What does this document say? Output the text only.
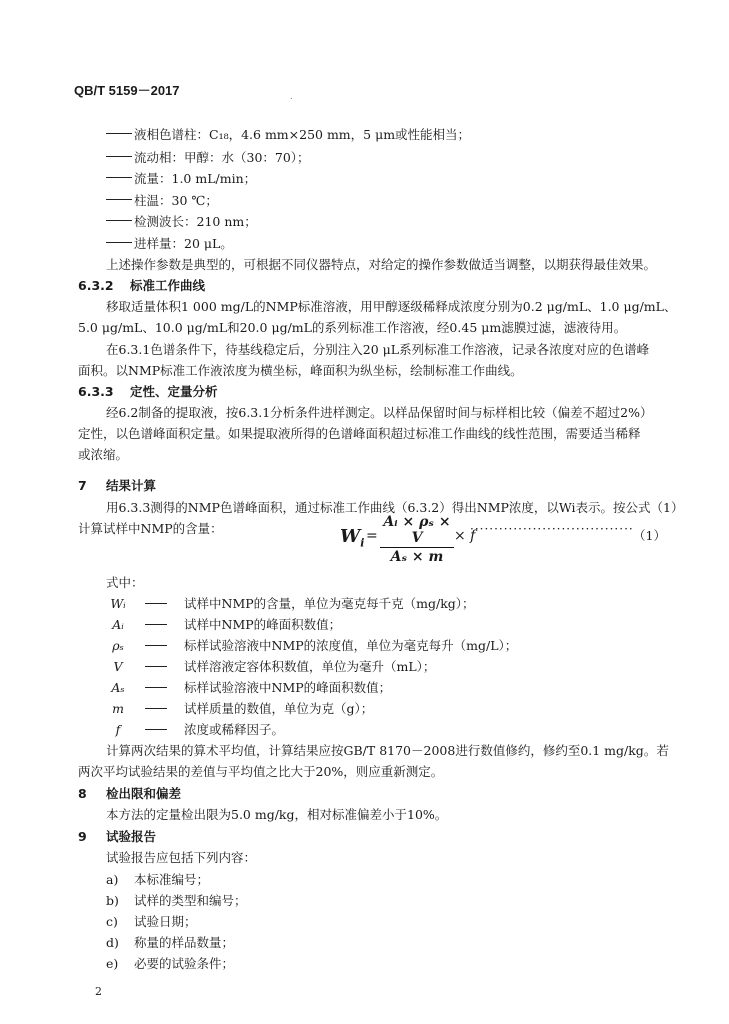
QB/T 5159－2017	.
液相色谱柱：C₁₈，4.6 mm×250 mm，5 μm或性能相当；
流动相：甲醇：水（30：70）；
流量：1.0 mL/min；
柱温：30 ℃；
检测波长：210 nm；
进样量：20 μL。
上述操作参数是典型的，可根据不同仪器特点，对给定的操作参数做适当调整，以期获得最佳效果。
6.3.2 标准工作曲线
移取适量体积1 000 mg/L的NMP标准溶液，用甲醇逐级稀释成浓度分别为0.2 μg/mL、1.0 μg/mL、
5.0 μg/mL、10.0 μg/mL和20.0 μg/mL的系列标准工作溶液，经0.45 μm滤膜过滤，滤液待用。
在6.3.1色谱条件下，待基线稳定后，分别注入20 μL系列标准工作溶液，记录各浓度对应的色谱峰
面积。以NMP标准工作液浓度为横坐标，峰面积为纵坐标，绘制标准工作曲线。
6.3.3 定性、定量分析
经6.2制备的提取液，按6.3.1分析条件进样测定。以样品保留时间与标样相比较（偏差不超过2%）
定性，以色谱峰面积定量。如果提取液所得的色谱峰面积超过标准工作曲线的线性范围，需要适当稀释
或浓缩。
7 结果计算
用6.3.3测得的NMP色谱峰面积，通过标准工作曲线（6.3.2）得出NMP浓度，以Wi表示。按公式（1）
计算试样中NMP的含量：	$W_i$ =
Aᵢ × ρₛ × V
Aₛ × m
× f
·································· （1）
式中：
Wᵢ	试样中NMP的含量，单位为毫克每千克（mg/kg）；
Aᵢ	试样中NMP的峰面积数值；
ρₛ	标样试验溶液中NMP的浓度值，单位为毫克每升（mg/L）；
V	试样溶液定容体积数值，单位为毫升（mL）；
Aₛ	标样试验溶液中NMP的峰面积数值；
m	试样质量的数值，单位为克（g）；
f	浓度或稀释因子。
计算两次结果的算术平均值，计算结果应按GB/T 8170－2008进行数值修约，修约至0.1 mg/kg。若
两次平均试验结果的差值与平均值之比大于20%，则应重新测定。
8 检出限和偏差
本方法的定量检出限为5.0 mg/kg，相对标准偏差小于10%。
9 试验报告
试验报告应包括下列内容：
a) 本标准编号；
b) 试样的类型和编号；
c) 试验日期；
d) 称量的样品数量；
e) 必要的试验条件；
2
